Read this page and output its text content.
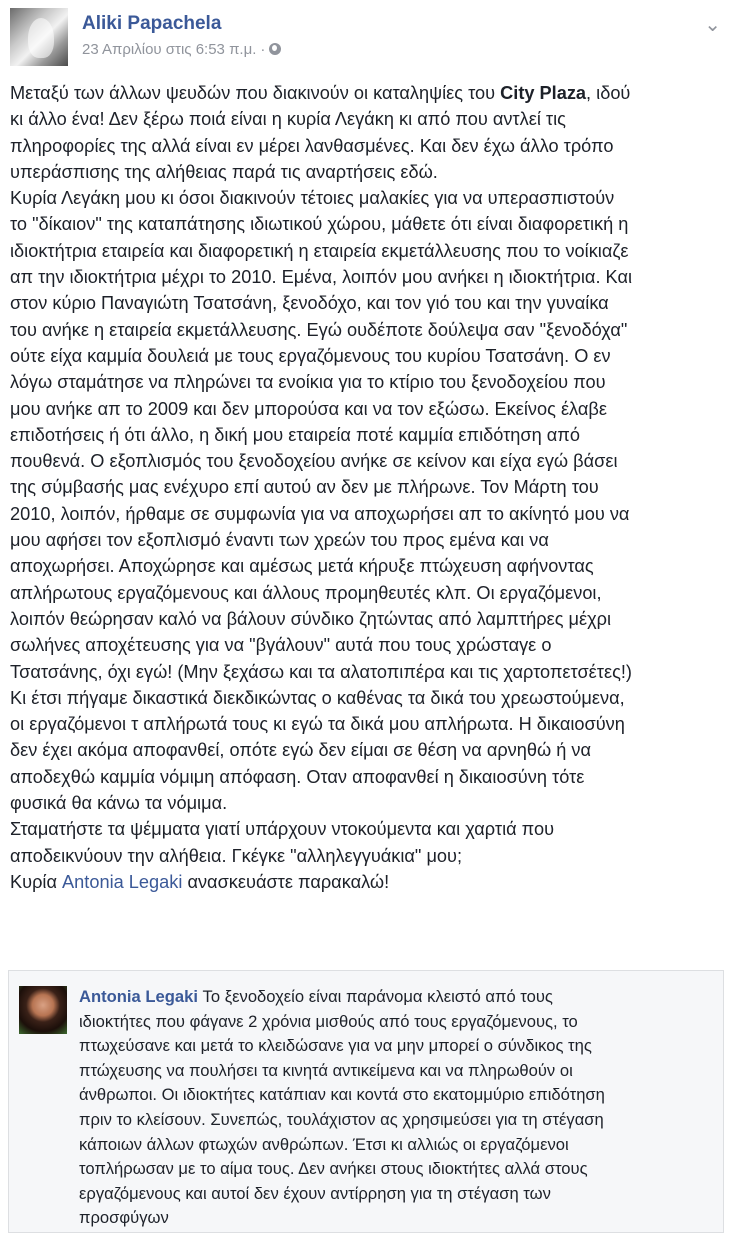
Aliki Papachela
23 Απριλίου στις 6:53 π.μ. ·
⌄
Μεταξύ των άλλων ψευδών που διακινούν οι καταληψίες του City Plaza, ιδού
κι άλλο ένα! Δεν ξέρω ποιά είναι η κυρία Λεγάκη κι από που αντλεί τις
πληροφορίες της αλλά είναι εν μέρει λανθασμένες. Και δεν έχω άλλο τρόπο
υπεράσπισης της αλήθειας παρά τις αναρτήσεις εδώ.
Κυρία Λεγάκη μου κι όσοι διακινούν τέτοιες μαλακίες για να υπερασπιστούν
το "δίκαιον" της καταπάτησης ιδιωτικού χώρου, μάθετε ότι είναι διαφορετική η
ιδιοκτήτρια εταιρεία και διαφορετική η εταιρεία εκμετάλλευσης που το νοίκιαζε
απ την ιδιοκτήτρια μέχρι το 2010. Εμένα, λοιπόν μου ανήκει η ιδιοκτήτρια. Και
στον κύριο Παναγιώτη Τσατσάνη, ξενοδόχο, και τον γιό του και την γυναίκα
του ανήκε η εταιρεία εκμετάλλευσης. Εγώ ουδέποτε δούλεψα σαν "ξενοδόχα"
ούτε είχα καμμία δουλειά με τους εργαζόμενους του κυρίου Τσατσάνη. Ο εν
λόγω σταμάτησε να πληρώνει τα ενοίκια για το κτίριο του ξενοδοχείου που
μου ανήκε απ το 2009 και δεν μπορούσα και να τον εξώσω. Εκείνος έλαβε
επιδοτήσεις ή ότι άλλο, η δική μου εταιρεία ποτέ καμμία επιδότηση από
πουθενά. Ο εξοπλισμός του ξενοδοχείου ανήκε σε κείνον και είχα εγώ βάσει
της σύμβασής μας ενέχυρο επί αυτού αν δεν με πλήρωνε. Τον Μάρτη του
2010, λοιπόν, ήρθαμε σε συμφωνία για να αποχωρήσει απ το ακίνητό μου να
μου αφήσει τον εξοπλισμό έναντι των χρεών του προς εμένα και να
αποχωρήσει. Αποχώρησε και αμέσως μετά κήρυξε πτώχευση αφήνοντας
απλήρωτους εργαζόμενους και άλλους προμηθευτές κλπ. Οι εργαζόμενοι,
λοιπόν θεώρησαν καλό να βάλουν σύνδικο ζητώντας από λαμπτήρες μέχρι
σωλήνες αποχέτευσης για να "βγάλουν" αυτά που τους χρώσταγε ο
Τσατσάνης, όχι εγώ! (Μην ξεχάσω και τα αλατοπιπέρα και τις χαρτοπετσέτες!)
Κι έτσι πήγαμε δικαστικά διεκδικώντας ο καθένας τα δικά του χρεωστούμενα,
οι εργαζόμενοι τ απλήρωτά τους κι εγώ τα δικά μου απλήρωτα. Η δικαιοσύνη
δεν έχει ακόμα αποφανθεί, οπότε εγώ δεν είμαι σε θέση να αρνηθώ ή να
αποδεχθώ καμμία νόμιμη απόφαση. Οταν αποφανθεί η δικαιοσύνη τότε
φυσικά θα κάνω τα νόμιμα.
Σταματήστε τα ψέμματα γιατί υπάρχουν ντοκούμεντα και χαρτιά που
αποδεικνύουν την αλήθεια. Γκέγκε "αλληλεγγυάκια" μου;
Κυρία Antonia Legaki ανασκευάστε παρακαλώ!
Antonia Legaki Το ξενοδοχείο είναι παράνομα κλειστό από τους
ιδιοκτήτες που φάγανε 2 χρόνια μισθούς από τους εργαζόμενους, το
πτωχεύσανε και μετά το κλειδώσανε για να μην μπορεί ο σύνδικος της
πτώχευσης να πουλήσει τα κινητά αντικείμενα και να πληρωθούν οι
άνθρωποι. Οι ιδιοκτήτες κατάπιαν και κοντά στο εκατομμύριο επιδότηση
πριν το κλείσουν. Συνεπώς, τουλάχιστον ας χρησιμεύσει για τη στέγαση
κάποιων άλλων φτωχών ανθρώπων. Έτσι κι αλλιώς οι εργαζόμενοι
τοπλήρωσαν με το αίμα τους. Δεν ανήκει στους ιδιοκτήτες αλλά στους
εργαζόμενους και αυτοί δεν έχουν αντίρρηση για τη στέγαση των
προσφύγων
